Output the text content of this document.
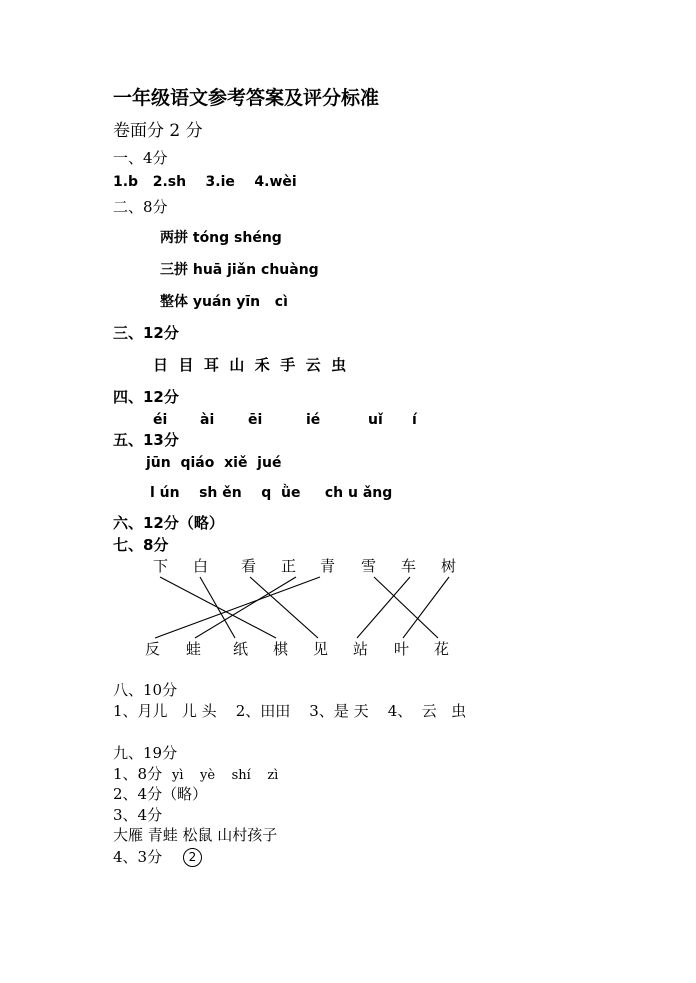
一年级语文参考答案及评分标准
卷面分 2 分
一、4分
1.b   2.sh    3.ie    4.wèi
二、8分
两拼 tóng shéng
三拼 huā jiǎn chuàng
整体 yuán yīn   cì
三、12分
日  目  耳  山  禾  手  云  虫
四、12分
éi ài ēi	ié	uǐ í
五、13分
jūn  qiáo  xiě  jué
l ún    sh ěn    q  ǜe     ch u ǎng
六、12分（略）
七、8分
下 白 看 正 青 雪 车 树
反 蛙 纸 棋 见 站 叶 花
八、10分
1、月儿   儿 头    2、田田    3、是 天    4、  云   虫
九、19分
1、8分 yì    yè    shí    zì
2、4分（略）
3、4分
大雁 青蛙 松鼠 山村孩子
4、3分	2
